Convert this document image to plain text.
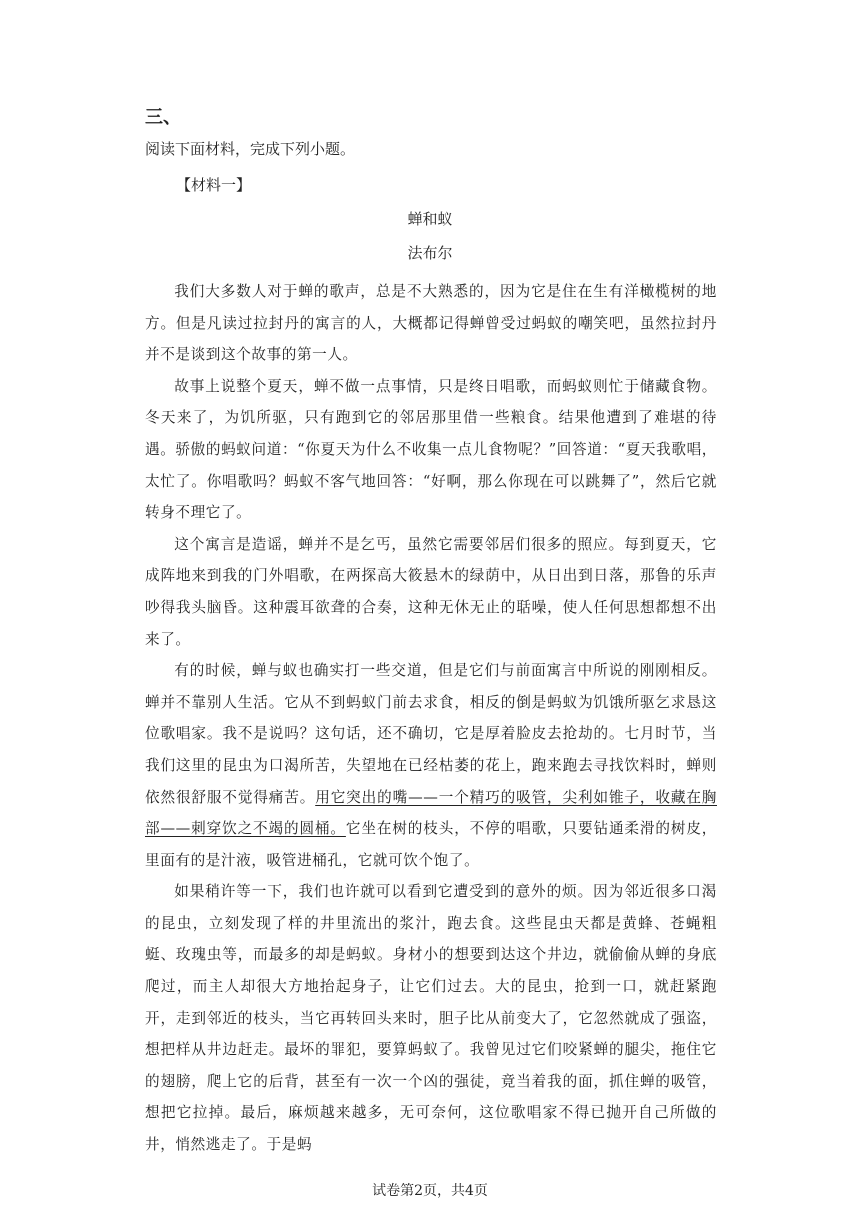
三、
阅读下面材料，完成下列小题。
【材料一】
蝉和蚁
法布尔

我们大多数人对于蝉的歌声，总是不大熟悉的，因为它是住在生有洋橄榄树的地方。但是凡读过拉封丹的寓言的人，大概都记得蝉曾受过蚂蚁的嘲笑吧，虽然拉封丹并不是谈到这个故事的第一人。

故事上说整个夏天，蝉不做一点事情，只是终日唱歌，而蚂蚁则忙于储藏食物。冬天来了，为饥所驱，只有跑到它的邻居那里借一些粮食。结果他遭到了难堪的待遇。骄傲的蚂蚁问道：“你夏天为什么不收集一点儿食物呢？”回答道：“夏天我歌唱，太忙了。你唱歌吗？蚂蚁不客气地回答：“好啊，那么你现在可以跳舞了”，然后它就转身不理它了。

这个寓言是造谣，蝉并不是乞丐，虽然它需要邻居们很多的照应。每到夏天，它成阵地来到我的门外唱歌，在两探高大筱悬木的绿荫中，从日出到日落，那鲁的乐声吵得我头脑昏。这种震耳欲聋的合奏，这种无休无止的聒噪，使人任何思想都想不出来了。

有的时候，蝉与蚁也确实打一些交道，但是它们与前面寓言中所说的刚刚相反。蝉并不靠别人生活。它从不到蚂蚁门前去求食，相反的倒是蚂蚁为饥饿所驱乞求恳这位歌唱家。我不是说吗？这句话，还不确切，它是厚着脸皮去抢劫的。七月时节，当我们这里的昆虫为口渴所苦，失望地在已经枯萎的花上，跑来跑去寻找饮料时，蝉则依然很舒服不觉得痛苦。用它突出的嘴——一个精巧的吸管，尖利如锥子，收藏在胸部——刺穿饮之不竭的圆桶。它坐在树的枝头，不停的唱歌，只要钻通柔滑的树皮，里面有的是汁液，吸管进桶孔，它就可饮个饱了。

如果稍许等一下，我们也许就可以看到它遭受到的意外的烦。因为邻近很多口渴的昆虫，立刻发现了样的井里流出的浆汁，跑去食。这些昆虫天都是黄蜂、苍蝇粗蜓、玫瑰虫等，而最多的却是蚂蚁。身材小的想要到达这个井边，就偷偷从蝉的身底爬过，而主人却很大方地抬起身子，让它们过去。大的昆虫，抢到一口，就赶紧跑开，走到邻近的枝头，当它再转回头来时，胆子比从前变大了，它忽然就成了强盗，想把样从井边赶走。最坏的罪犯，要算蚂蚁了。我曾见过它们咬紧蝉的腿尖，拖住它的翅膀，爬上它的后背，甚至有一次一个凶的强徒，竟当着我的面，抓住蝉的吸管，想把它拉掉。最后，麻烦越来越多，无可奈何，这位歌唱家不得已抛开自己所做的井，悄然逃走了。于是蚂

试卷第2页，共4页
